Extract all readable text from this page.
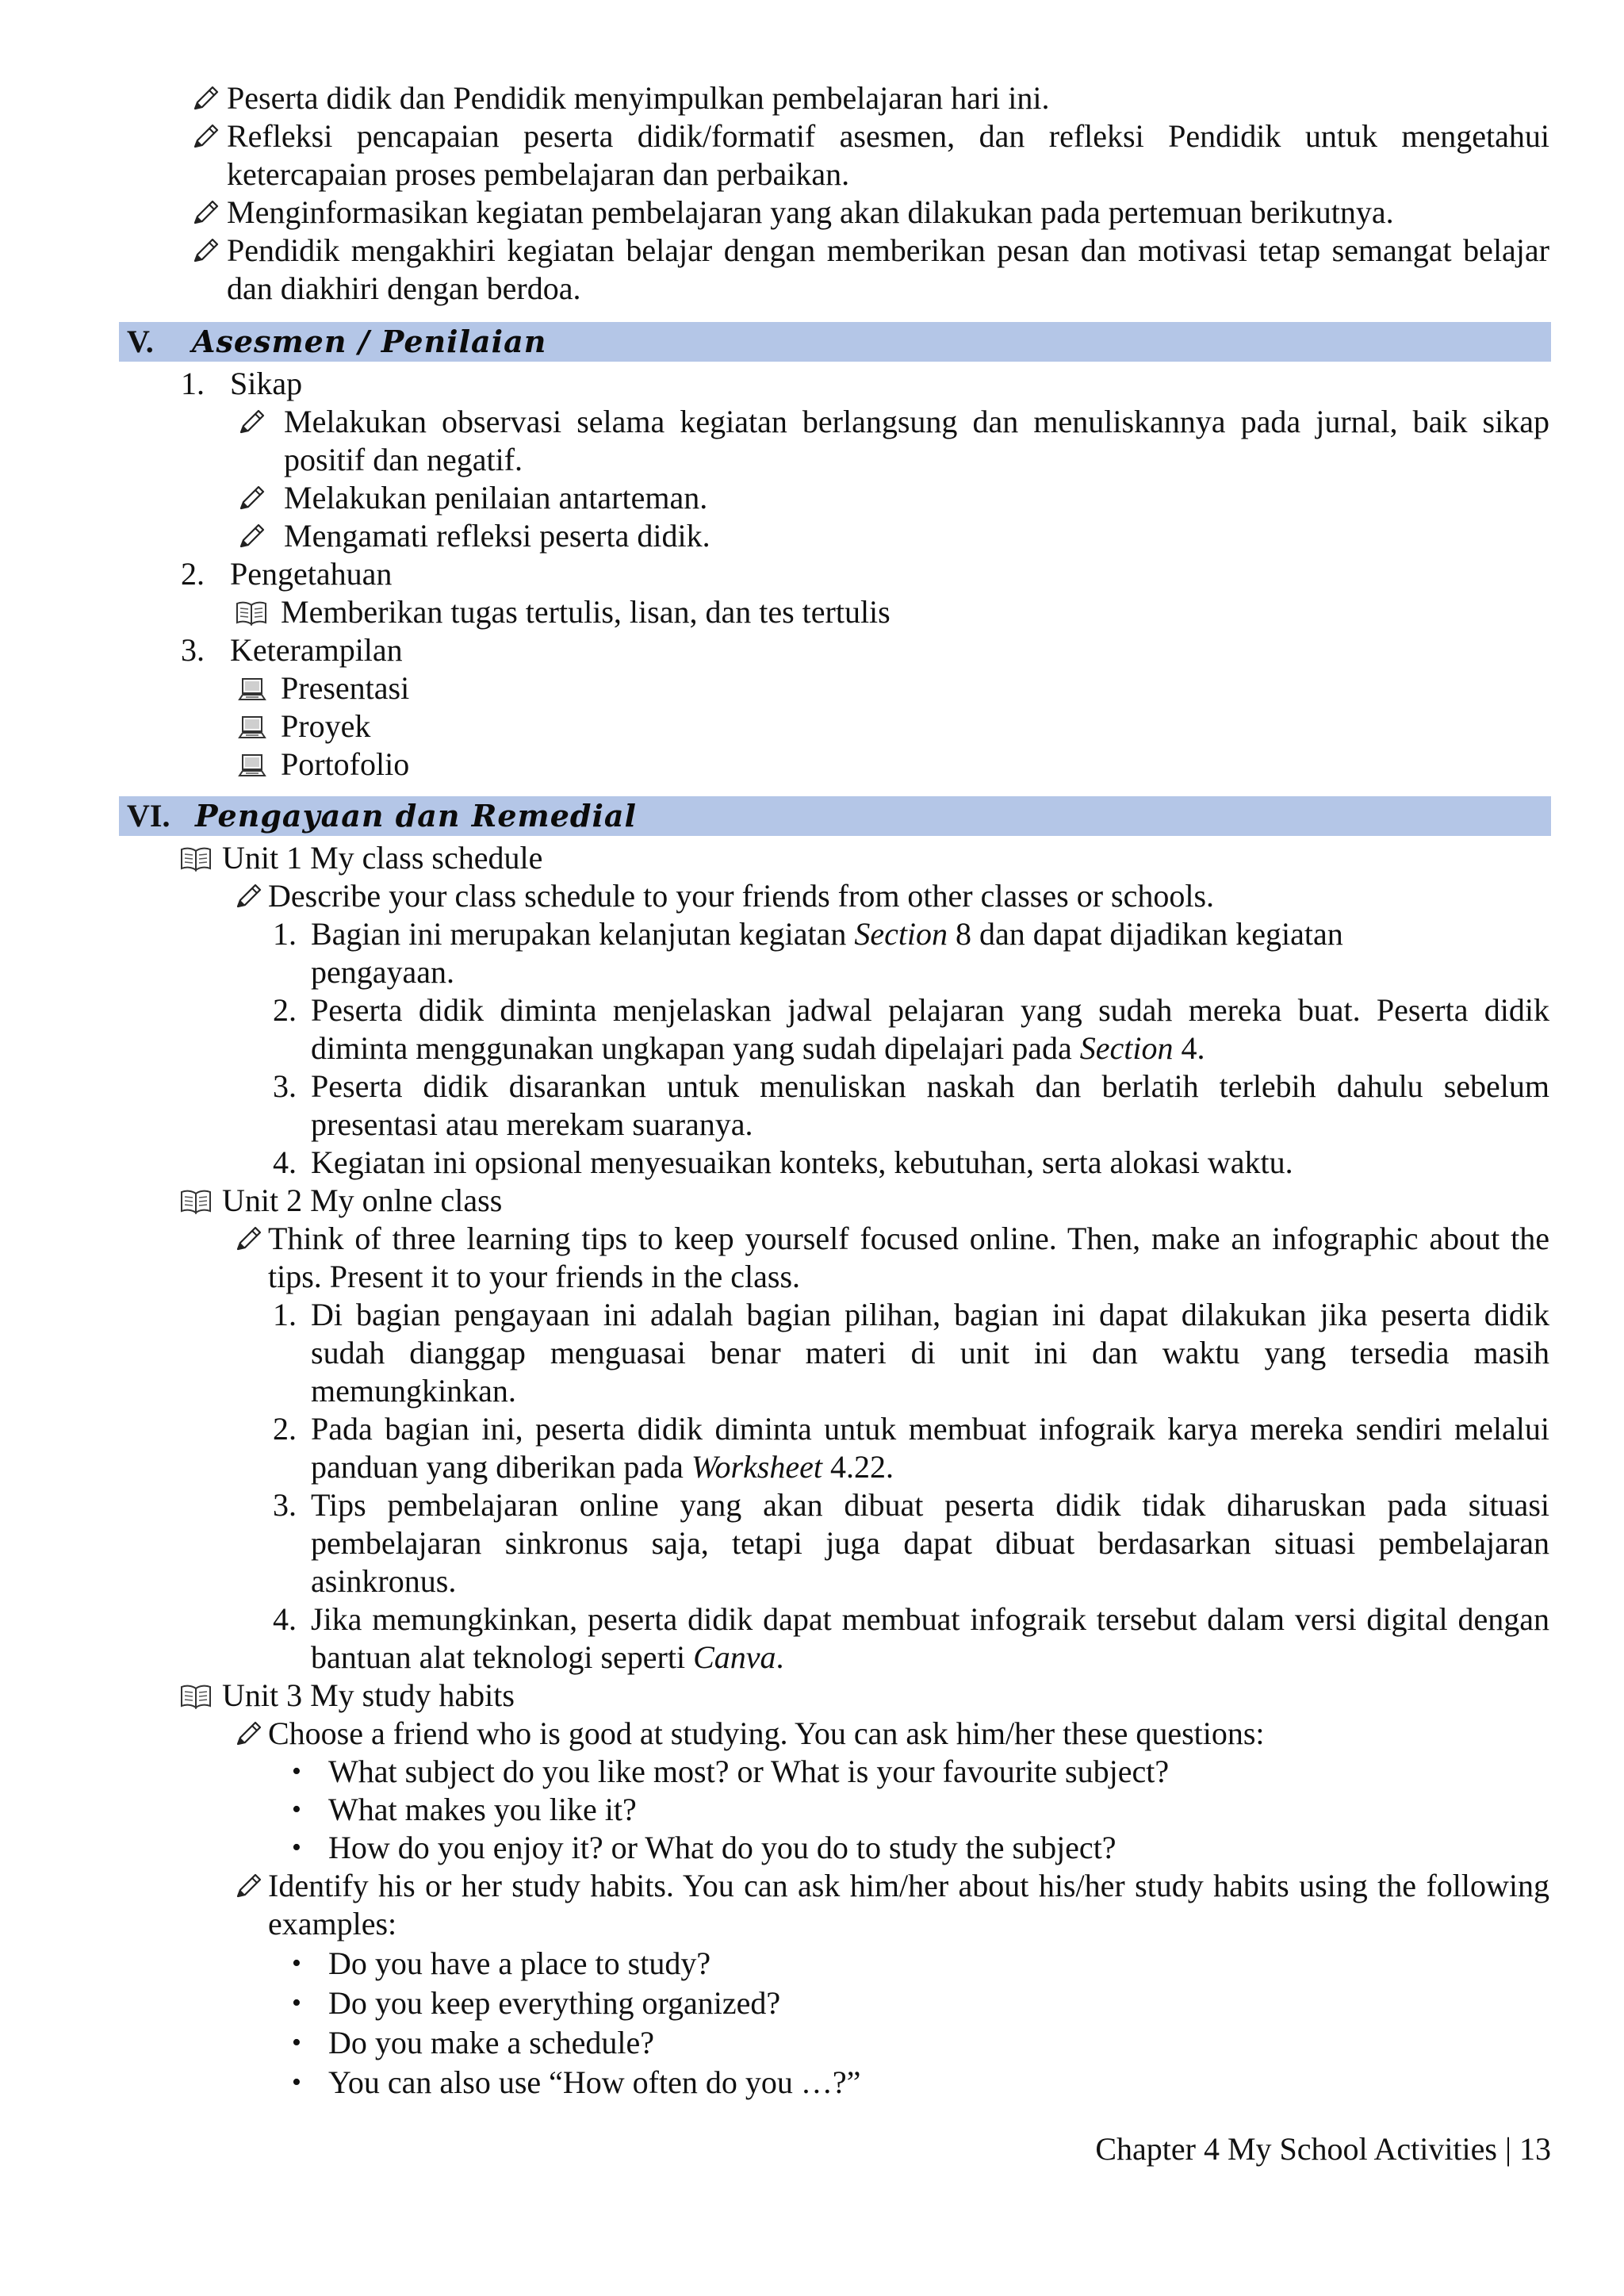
Peserta didik dan Pendidik menyimpulkan pembelajaran hari ini.
Refleksi pencapaian peserta didik/formatif asesmen, dan refleksi Pendidik untuk mengetahui ketercapaian proses pembelajaran dan perbaikan.
Menginformasikan kegiatan pembelajaran yang akan dilakukan pada pertemuan berikutnya.
Pendidik mengakhiri kegiatan belajar dengan memberikan pesan dan motivasi tetap semangat belajar dan diakhiri dengan berdoa.
V. Asesmen / Penilaian
1. Sikap
Melakukan observasi selama kegiatan berlangsung dan menuliskannya pada jurnal, baik sikap positif dan negatif.
Melakukan penilaian antarteman.
Mengamati refleksi peserta didik.
2. Pengetahuan
Memberikan tugas tertulis, lisan, dan tes tertulis
3. Keterampilan
Presentasi
Proyek
Portofolio
VI. Pengayaan dan Remedial
Unit 1 My class schedule
Describe your class schedule to your friends from other classes or schools.
1. Bagian ini merupakan kelanjutan kegiatan Section 8 dan dapat dijadikan kegiatan pengayaan.
2. Peserta didik diminta menjelaskan jadwal pelajaran yang sudah mereka buat. Peserta didik diminta menggunakan ungkapan yang sudah dipelajari pada Section 4.
3. Peserta didik disarankan untuk menuliskan naskah dan berlatih terlebih dahulu sebelum presentasi atau merekam suaranya.
4. Kegiatan ini opsional menyesuaikan konteks, kebutuhan, serta alokasi waktu.
Unit 2 My onlne class
Think of three learning tips to keep yourself focused online. Then, make an infographic about the tips. Present it to your friends in the class.
1. Di bagian pengayaan ini adalah bagian pilihan, bagian ini dapat dilakukan jika peserta didik sudah dianggap menguasai benar materi di unit ini dan waktu yang tersedia masih memungkinkan.
2. Pada bagian ini, peserta didik diminta untuk membuat infograik karya mereka sendiri melalui panduan yang diberikan pada Worksheet 4.22.
3. Tips pembelajaran online yang akan dibuat peserta didik tidak diharuskan pada situasi pembelajaran sinkronus saja, tetapi juga dapat dibuat berdasarkan situasi pembelajaran asinkronus.
4. Jika memungkinkan, peserta didik dapat membuat infograik tersebut dalam versi digital dengan bantuan alat teknologi seperti Canva.
Unit 3 My study habits
Choose a friend who is good at studying. You can ask him/her these questions:
• What subject do you like most? or What is your favourite subject?
• What makes you like it?
• How do you enjoy it? or What do you do to study the subject?
Identify his or her study habits. You can ask him/her about his/her study habits using the following examples:
• Do you have a place to study?
• Do you keep everything organized?
• Do you make a schedule?
• You can also use “How often do you …?”
Chapter 4 My School Activities | 13
